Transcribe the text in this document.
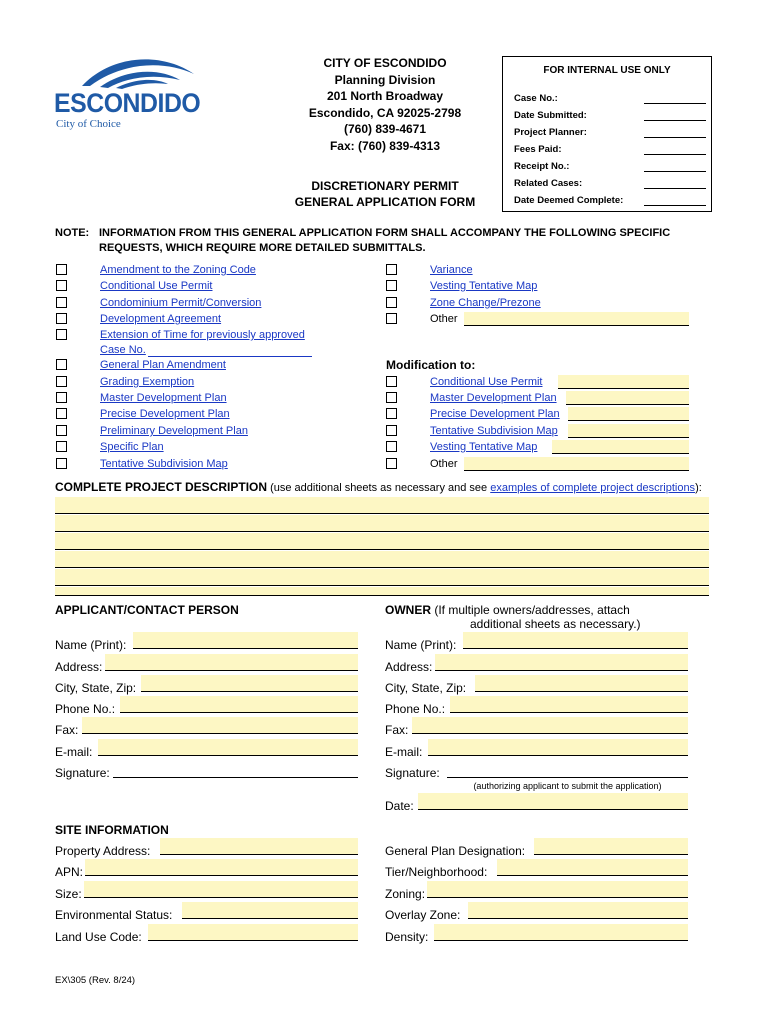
ESCONDIDO
City of Choice
CITY OF ESCONDIDO
Planning Division
201 North Broadway
Escondido, CA 92025-2798
(760) 839-4671
Fax: (760) 839-4313
DISCRETIONARY PERMIT
GENERAL APPLICATION FORM
FOR INTERNAL USE ONLY
Case No.:
Date Submitted:
Project Planner:
Fees Paid:
Receipt No.:
Related Cases:
Date Deemed Complete:
NOTE: INFORMATION FROM THIS GENERAL APPLICATION FORM SHALL ACCOMPANY THE FOLLOWING SPECIFIC
REQUESTS, WHICH REQUIRE MORE DETAILED SUBMITTALS.
Amendment to the Zoning Code
Conditional Use Permit
Condominium Permit/Conversion
Development Agreement
Extension of Time for previously approved
Case No.
General Plan Amendment
Grading Exemption
Master Development Plan
Precise Development Plan
Preliminary Development Plan
Specific Plan
Tentative Subdivision Map
Variance
Vesting Tentative Map
Zone Change/Prezone
Other
Modification to:
Conditional Use Permit
Master Development Plan
Precise Development Plan
Tentative Subdivision Map
Vesting Tentative Map
Other
COMPLETE PROJECT DESCRIPTION (use additional sheets as necessary and see examples of complete project descriptions):
APPLICANT/CONTACT PERSON
Name (Print):
Address:
City, State, Zip:
Phone No.:
Fax:
E-mail:
Signature:
OWNER (If multiple owners/addresses, attach
additional sheets as necessary.)
Name (Print):
Address:
City, State, Zip:
Phone No.:
Fax:
E-mail:
Signature:
(authorizing applicant to submit the application)
Date:
SITE INFORMATION
Property Address:
APN:
Size:
Environmental Status:
Land Use Code:
General Plan Designation:
Tier/Neighborhood:
Zoning:
Overlay Zone:
Density:
EX\305 (Rev. 8/24)
